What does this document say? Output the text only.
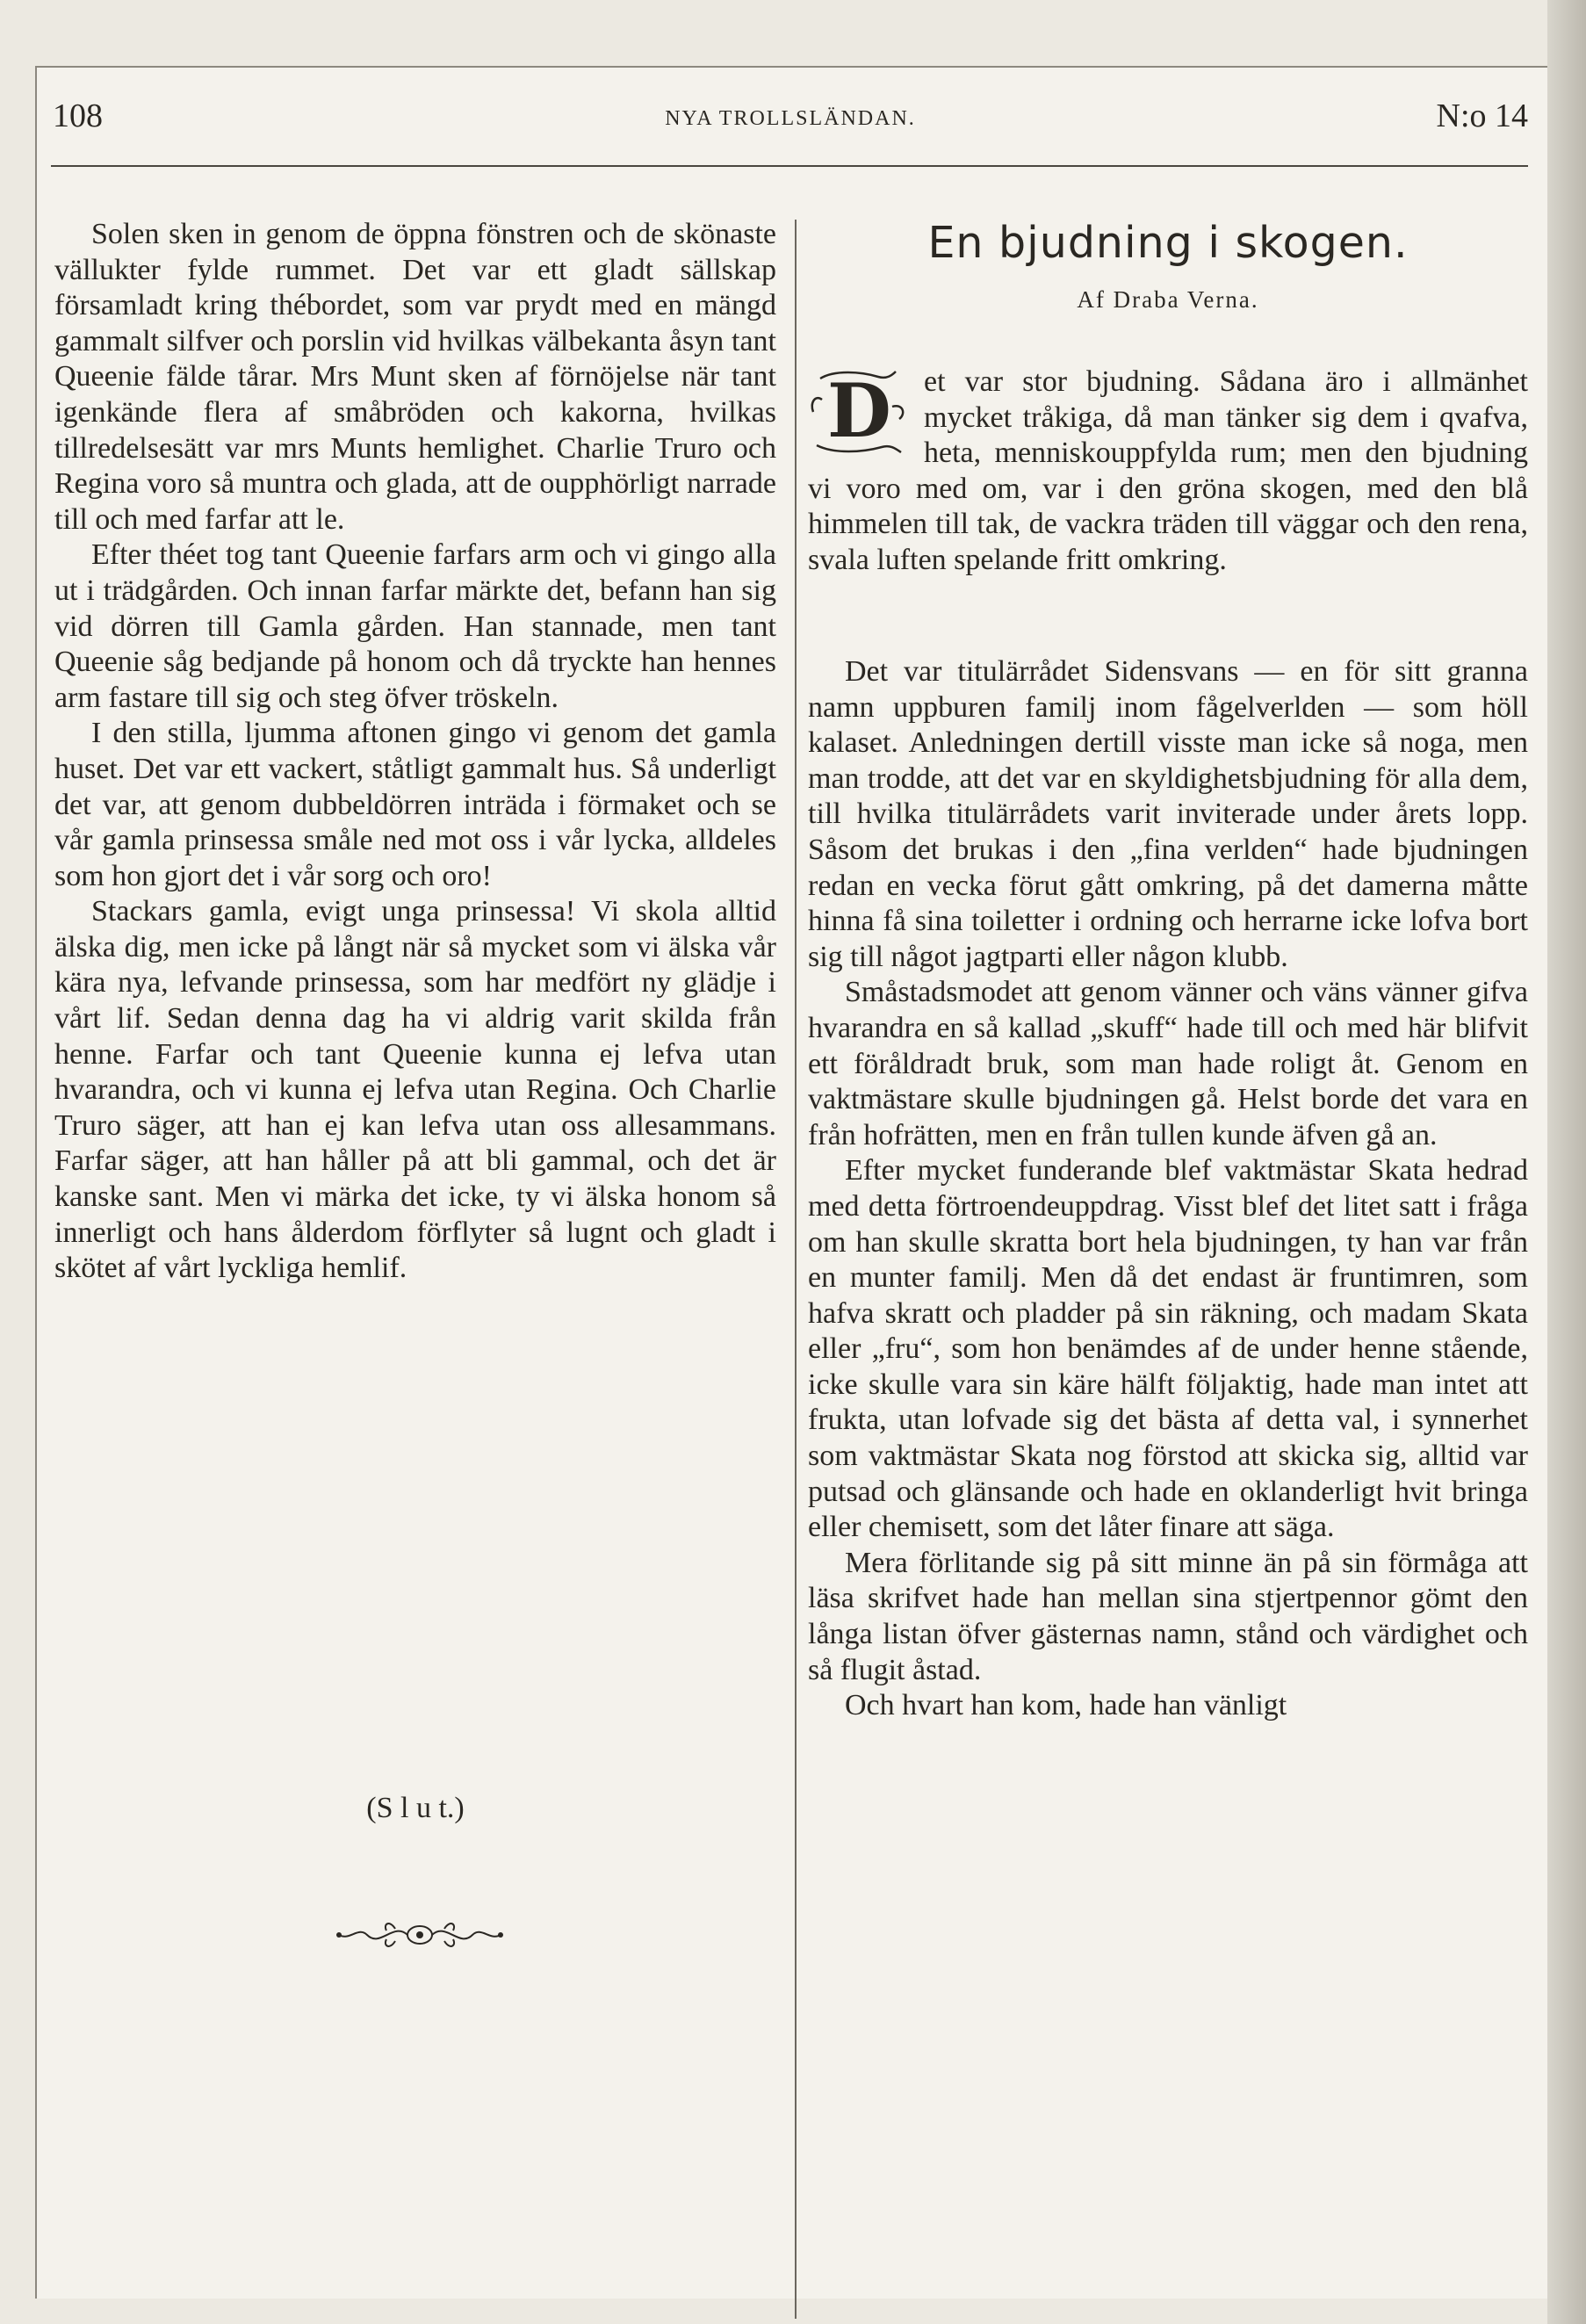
108	NYA TROLLSLÄNDAN.	N:o 14

Solen sken in genom de öppna fönstren och de skönaste vällukter fylde rummet. Det var ett gladt sällskap församladt kring thébordet, som var prydt med en mängd gammalt silfver och porslin vid hvilkas välbekanta åsyn tant Queenie fälde tårar. Mrs Munt sken af förnöjelse när tant igenkände flera af småbröden och kakorna, hvilkas tillredelsesätt var mrs Munts hemlighet. Charlie Truro och Regina voro så muntra och glada, att de oupphörligt narrade till och med farfar att le.

Efter théet tog tant Queenie farfars arm och vi gingo alla ut i trädgården. Och innan farfar märkte det, befann han sig vid dörren till Gamla gården. Han stannade, men tant Queenie såg bedjande på honom och då tryckte han hennes arm fastare till sig och steg öfver tröskeln.

I den stilla, ljumma aftonen gingo vi genom det gamla huset. Det var ett vackert, ståtligt gammalt hus. Så underligt det var, att genom dubbeldörren inträda i förmaket och se vår gamla prinsessa småle ned mot oss i vår lycka, alldeles som hon gjort det i vår sorg och oro!

Stackars gamla, evigt unga prinsessa! Vi skola alltid älska dig, men icke på långt när så mycket som vi älska vår kära nya, lefvande prinsessa, som har medfört ny glädje i vårt lif. Sedan denna dag ha vi aldrig varit skilda från henne. Farfar och tant Queenie kunna ej lefva utan hvarandra, och vi kunna ej lefva utan Regina. Och Charlie Truro säger, att han ej kan lefva utan oss allesammans. Farfar säger, att han håller på att bli gammal, och det är kanske sant. Men vi märka det icke, ty vi älska honom så innerligt och hans ålderdom förflyter så lugnt och gladt i skötet af vårt lyckliga hemlif.

(S l u t.)
En bjudning i skogen.
Af Draba Verna.
D et var stor bjudning. Sådana äro i allmänhet mycket tråkiga, då man tänker sig dem i qvafva, heta, menniskouppfylda rum; men den bjudning vi voro med om, var i den gröna skogen, med den blå himmelen till tak, de vackra träden till väggar och den rena, svala luften spelande fritt omkring.

Det var titulärrådet Sidensvans — en för sitt granna namn uppburen familj inom fågelverlden — som höll kalaset. Anledningen dertill visste man icke så noga, men man trodde, att det var en skyldighetsbjudning för alla dem, till hvilka titulärrådets varit inviterade under årets lopp. Såsom det brukas i den „fina verlden“ hade bjudningen redan en vecka förut gått omkring, på det damerna måtte hinna få sina toiletter i ordning och herrarne icke lofva bort sig till något jagtparti eller någon klubb.

Småstadsmodet att genom vänner och väns vänner gifva hvarandra en så kallad „skuff“ hade till och med här blifvit ett föråldradt bruk, som man hade roligt åt. Genom en vaktmästare skulle bjudningen gå. Helst borde det vara en från hofrätten, men en från tullen kunde äfven gå an.

Efter mycket funderande blef vaktmästar Skata hedrad med detta förtroendeuppdrag. Visst blef det litet satt i fråga om han skulle skratta bort hela bjudningen, ty han var från en munter familj. Men då det endast är fruntimren, som hafva skratt och pladder på sin räkning, och madam Skata eller „fru“, som hon benämdes af de under henne stående, icke skulle vara sin käre hälft följaktig, hade man intet att frukta, utan lofvade sig det bästa af detta val, i synnerhet som vaktmästar Skata nog förstod att skicka sig, alltid var putsad och glänsande och hade en oklanderligt hvit bringa eller chemisett, som det låter finare att säga.

Mera förlitande sig på sitt minne än på sin förmåga att läsa skrifvet hade han mellan sina stjertpennor gömt den långa listan öfver gästernas namn, stånd och värdighet och så flugit åstad.

Och hvart han kom, hade han vänligt
